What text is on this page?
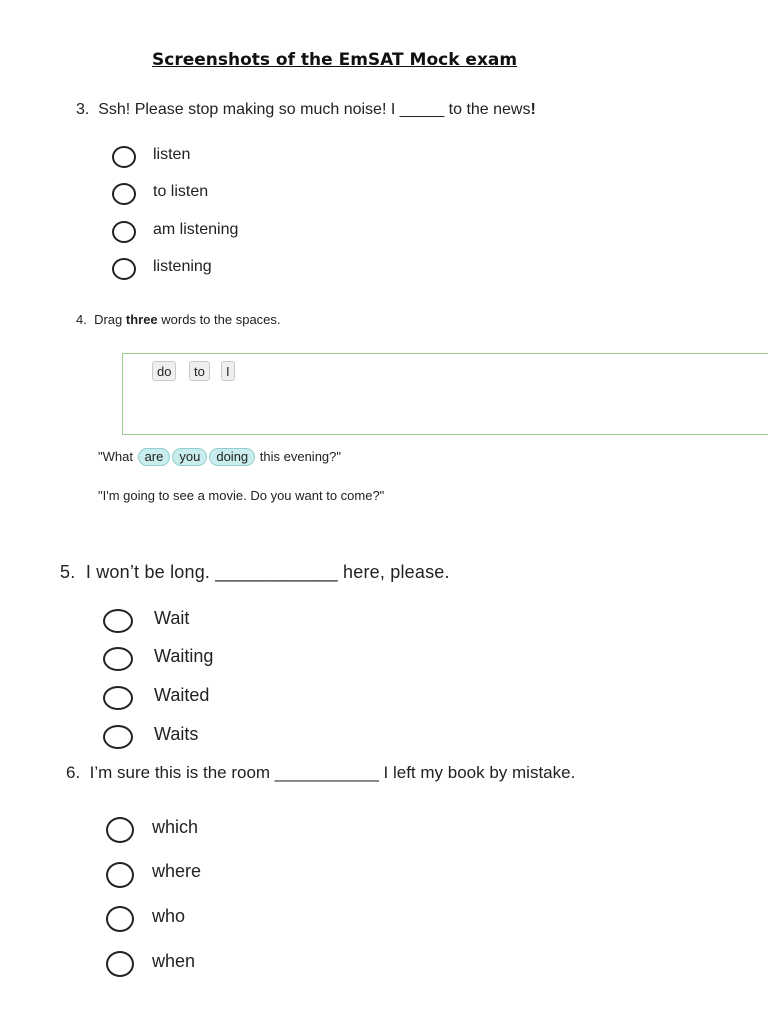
Screenshots of the EmSAT Mock exam
3. Ssh! Please stop making so much noise! I _____ to the news!
listen
to listen
am listening
listening
4. Drag three words to the spaces.
do	to	I
"What are you doing this evening?"
"I'm going to see a movie. Do you want to come?"
5. I won’t be long. ____________ here, please.
Wait
Waiting
Waited
Waits
6. I’m sure this is the room ___________ I left my book by mistake.
which
where
who
when
